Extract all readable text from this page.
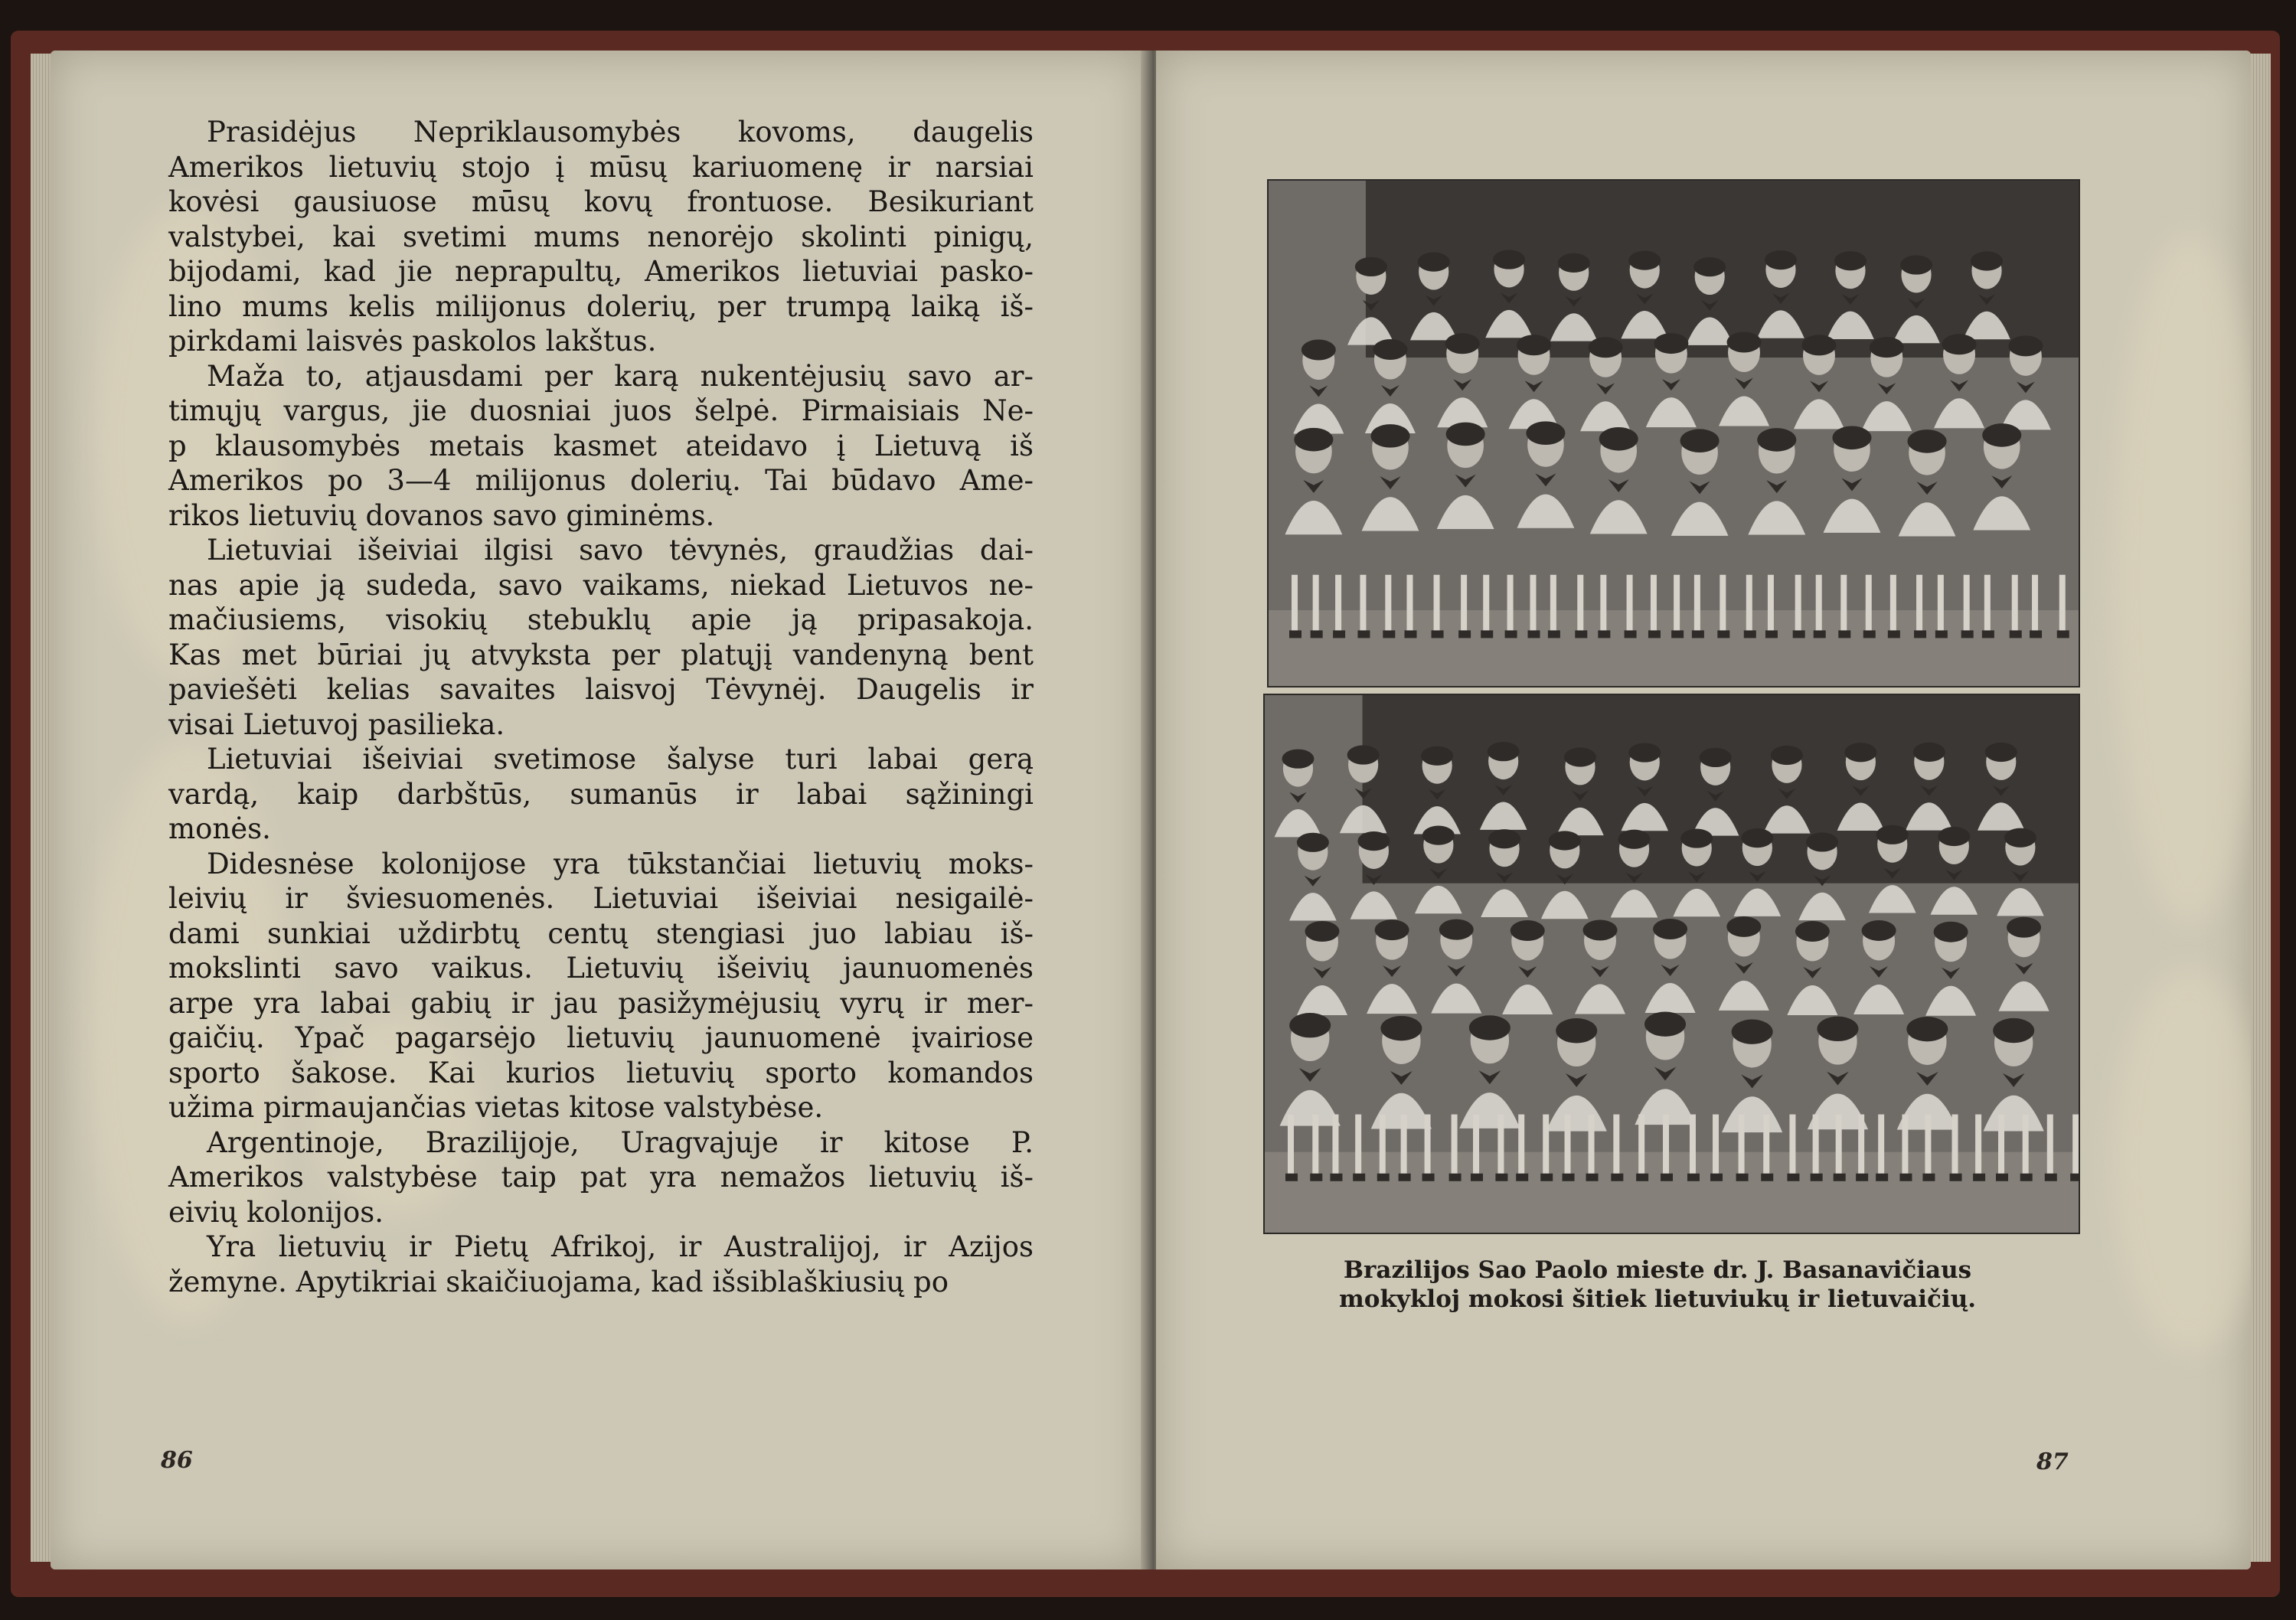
Prasidėjus Nepriklausomybės kovoms, daugelis
Amerikos lietuvių stojo į mūsų kariuomenę ir narsiai
kovėsi gausiuose mūsų kovų frontuose. Besikuriant
valstybei, kai svetimi mums nenorėjo skolinti pinigų,
bijodami, kad jie neprapultų, Amerikos lietuviai pasko-
lino mums kelis milijonus dolerių, per trumpą laiką iš-
pirkdami laisvės paskolos lakštus.
Maža to, atjausdami per karą nukentėjusių savo ar-
timųjų vargus, jie duosniai juos šelpė. Pirmaisiais Ne-
p klausomybės metais kasmet ateidavo į Lietuvą iš
Amerikos po 3—4 milijonus dolerių. Tai būdavo Ame-
rikos lietuvių dovanos savo giminėms.
Lietuviai išeiviai ilgisi savo tėvynės, graudžias dai-
nas apie ją sudeda, savo vaikams, niekad Lietuvos ne-
mačiusiems, visokių stebuklų apie ją pripasakoja.
Kas met būriai jų atvyksta per platųjį vandenyną bent
paviešėti kelias savaites laisvoj Tėvynėj. Daugelis ir
visai Lietuvoj pasilieka.
Lietuviai išeiviai svetimose šalyse turi labai gerą
vardą, kaip darbštūs, sumanūs ir labai sąžiningi
monės.
Didesnėse kolonijose yra tūkstančiai lietuvių moks-
leivių ir šviesuomenės. Lietuviai išeiviai nesigailė-
dami sunkiai uždirbtų centų stengiasi juo labiau iš-
mokslinti savo vaikus. Lietuvių išeivių jaunuomenės
arpe yra labai gabių ir jau pasižymėjusių vyrų ir mer-
gaičių. Ypač pagarsėjo lietuvių jaunuomenė įvairiose
sporto šakose. Kai kurios lietuvių sporto komandos
užima pirmaujančias vietas kitose valstybėse.
Argentinoje, Brazilijoje, Uragvajuje ir kitose P.
Amerikos valstybėse taip pat yra nemažos lietuvių iš-
eivių kolonijos.
Yra lietuvių ir Pietų Afrikoj, ir Australijoj, ir Azijos
žemyne. Apytikriai skaičiuojama, kad išsiblaškiusių po
86
Brazilijos Sao Paolo mieste dr. J. Basanavičiaus
mokykloj mokosi šitiek lietuviukų ir lietuvaičių.
87
